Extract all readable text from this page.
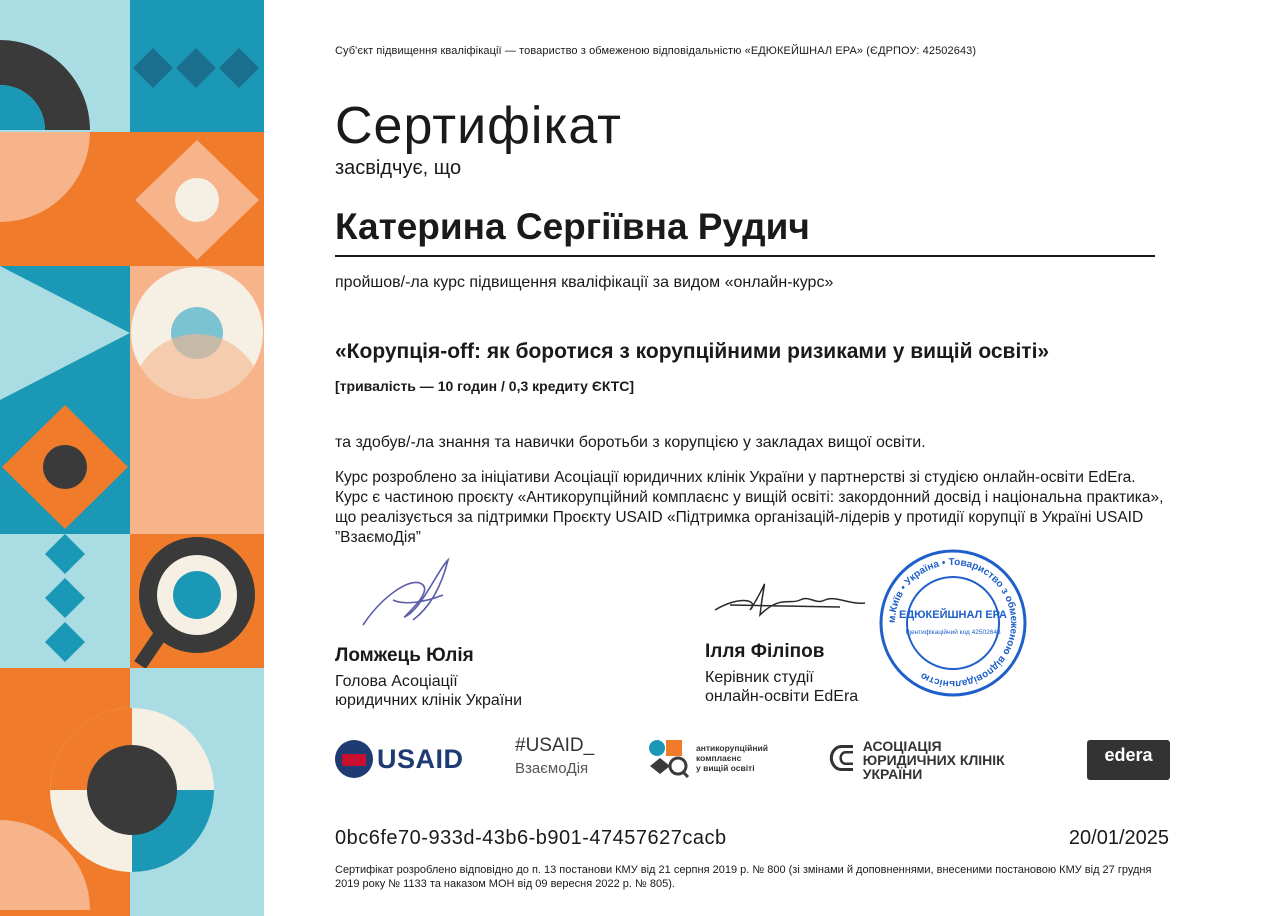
Суб'єкт підвищення кваліфікації — товариство з обмеженою відповідальністю «ЕДЮКЕЙШНАЛ ЕРА» (ЄДРПОУ: 42502643)
Сертифікат
засвідчує, що
Катерина Сергіївна Рудич
пройшов/-ла курс підвищення кваліфікації за видом «онлайн-курс»
«Корупція-off: як боротися з корупційними ризиками у вищій освіті»
[тривалість — 10 годин / 0,3 кредиту ЄКТС]
та здобув/-ла знання та навички боротьби з корупцією у закладах вищої освіти.
Курс розроблено за ініціативи Асоціації юридичних клінік України у партнерстві зі студією онлайн-освіти EdEra. Курс є частиною проєкту «Антикорупційний комплаєнс у вищій освіті: закордонний досвід і національна практика», що реалізується за підтримки Проєкту USAID «Підтримка організацій-лідерів у протидії корупції в Україні USAID ”ВзаємоДія”
м.Київ • Україна • Товариство з обмеженою відповідальністю
ЕДЮКЕЙШНАЛ ЕРА
Ідентифікаційний код 42502643
Ломжець Юлія
Голова Асоціації
юридичних клінік України
Ілля Філіпов
Керівник студії
онлайн-освіти EdEra
USAID	#USAID_
ВзаємоДія
антикорупційний
комплаєнс
у вищій освіті	ᕳ АСОЦІАЦІЯ
ЮРИДИЧНИХ КЛІНІК
УКРАЇНИ
edera
0bc6fe70-933d-43b6-b901-47457627cacb	20/01/2025
Сертифікат розроблено відповідно до п. 13 постанови КМУ від 21 серпня 2019 р. № 800 (зі змінами й доповненнями, внесеними постановою КМУ від 27 грудня 2019 року № 1133 та наказом МОН від 09 вересня 2022 р. № 805).
